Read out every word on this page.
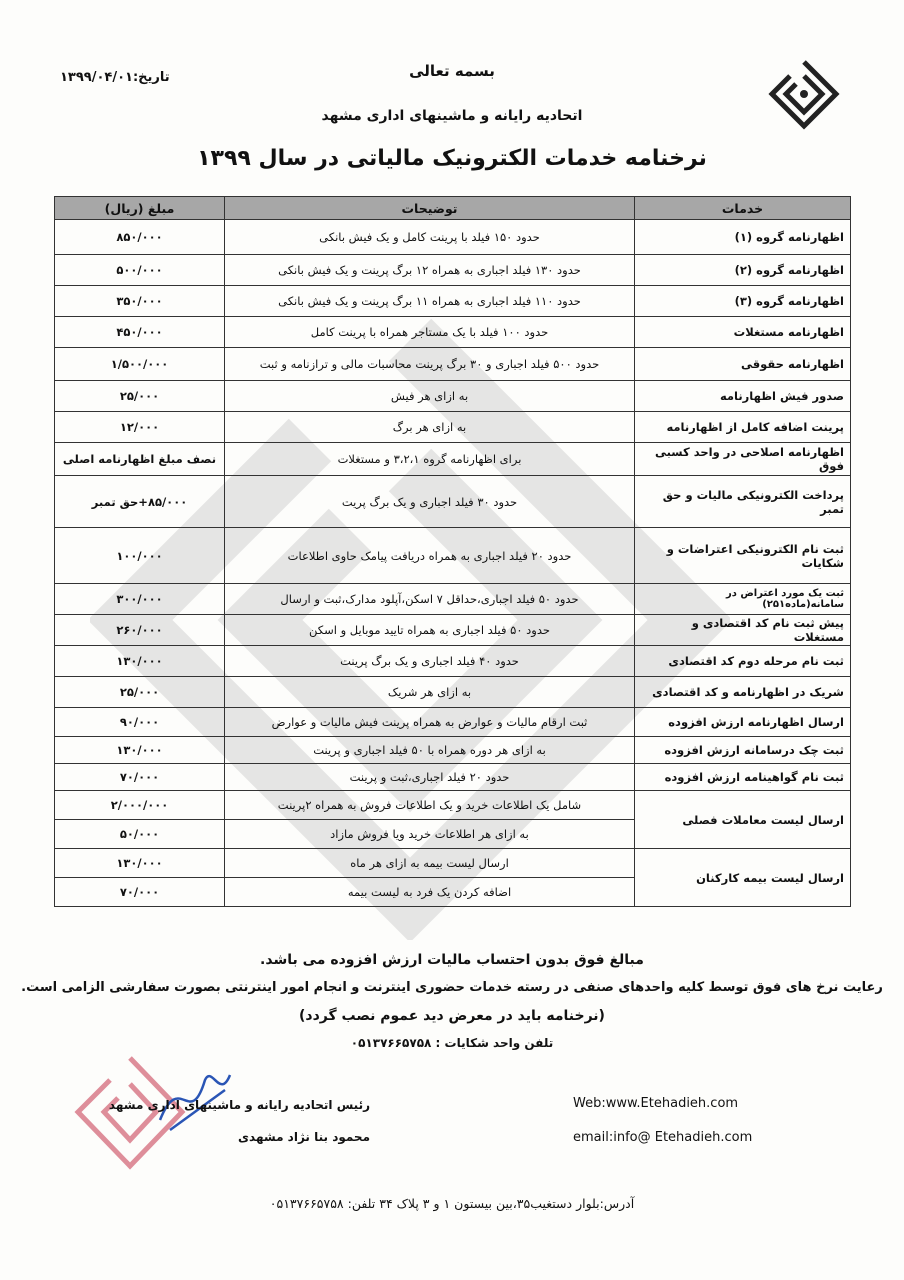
بسمه تعالی
تاریخ:۱۳۹۹/۰۴/۰۱
اتحادیه رایانه و ماشینهای اداری مشهد
نرخنامه خدمات الکترونیک مالیاتی در سال ۱۳۹۹
خدمات	توضیحات	مبلغ (ریال)
اظهارنامه گروه (۱)	حدود ۱۵۰ فیلد با پرینت کامل و یک فیش بانکی	۸۵۰/۰۰۰
اظهارنامه گروه (۲)	حدود ۱۳۰ فیلد اجباری به همراه ۱۲ برگ پرینت و یک فیش بانکی	۵۰۰/۰۰۰
اظهارنامه گروه (۳)	حدود ۱۱۰ فیلد اجباری به همراه ۱۱ برگ پرینت و یک فیش بانکی	۳۵۰/۰۰۰
اظهارنامه مستغلات	حدود ۱۰۰ فیلد با یک مستاجر همراه با پرینت کامل	۴۵۰/۰۰۰
اظهارنامه حقوقی	حدود ۵۰۰ فیلد اجباری و ۳۰ برگ پرینت محاسبات مالی و ترازنامه و ثبت	۱/۵۰۰/۰۰۰
صدور فیش اظهارنامه	به ازای هر فیش	۲۵/۰۰۰
پرینت اضافه کامل از اظهارنامه	به ازای هر برگ	۱۲/۰۰۰
اظهارنامه اصلاحی در واحد کسبی فوق	برای اظهارنامه گروه ۳،۲،۱ و مستغلات	نصف مبلغ اظهارنامه اصلی
پرداخت الکترونیکی مالیات و حق تمبر	حدود ۳۰ فیلد اجباری و یک برگ پریت	۸۵/۰۰۰+حق تمبر
ثبت نام الکترونیکی اعتراضات و شکایات	حدود ۲۰ فیلد اجباری به همراه دریافت پیامک حاوی اطلاعات	۱۰۰/۰۰۰
ثبت یک مورد اعتراض در سامانه(ماده۲۵۱)	حدود ۵۰ فیلد اجباری،حداقل ۷ اسکن،آپلود مدارک،ثبت و ارسال	۳۰۰/۰۰۰
پیش ثبت نام کد اقتصادی و مستغلات	حدود ۵۰ فیلد اجباری به همراه تایید موبایل و اسکن	۲۶۰/۰۰۰
ثبت نام مرحله دوم کد اقتصادی	حدود ۴۰ فیلد اجباری و یک برگ پرینت	۱۳۰/۰۰۰
شریک در اظهارنامه و کد اقتصادی	به ازای هر شریک	۲۵/۰۰۰
ارسال اظهارنامه ارزش افزوده	ثبت ارقام مالیات و عوارض به همراه پرینت فیش مالیات و عوارض	۹۰/۰۰۰
ثبت چک درسامانه ارزش افزوده	به ازای هر دوره همراه با ۵۰ فیلد اجباری و پرینت	۱۳۰/۰۰۰
ثبت نام گواهینامه ارزش افزوده	حدود ۲۰ فیلد اجباری،ثبت و پرینت	۷۰/۰۰۰
ارسال لیست معاملات فصلی	شامل یک اطلاعات خرید و یک اطلاعات فروش به همراه ۲پرینت	۲/۰۰۰/۰۰۰
	به ازای هر اطلاعات خرید ویا فروش مازاد	۵۰/۰۰۰
ارسال لیست بیمه کارکنان	ارسال لیست بیمه به ازای هر ماه	۱۳۰/۰۰۰
	اضافه کردن یک فرد به لیست بیمه	۷۰/۰۰۰
مبالغ فوق بدون احتساب مالیات ارزش افزوده می باشد.
رعایت نرخ های فوق توسط کلیه واحدهای صنفی در رسته خدمات حضوری اینترنت و انجام امور اینترنتی بصورت سفارشی الزامی است.
(نرخنامه باید در معرض دید عموم نصب گردد)
تلفن واحد شکایات : ۰۵۱۳۷۶۶۵۷۵۸
Web:www.Etehadieh.com
email:info@ Etehadieh.com
رئیس اتحادیه رایانه و ماشینهای اداری مشهد
محمود بنا نژاد مشهدی
آدرس:بلوار دستغیب۳۵،بین بیستون ۱ و ۳ پلاک ۳۴ تلفن: ۰۵۱۳۷۶۶۵۷۵۸
